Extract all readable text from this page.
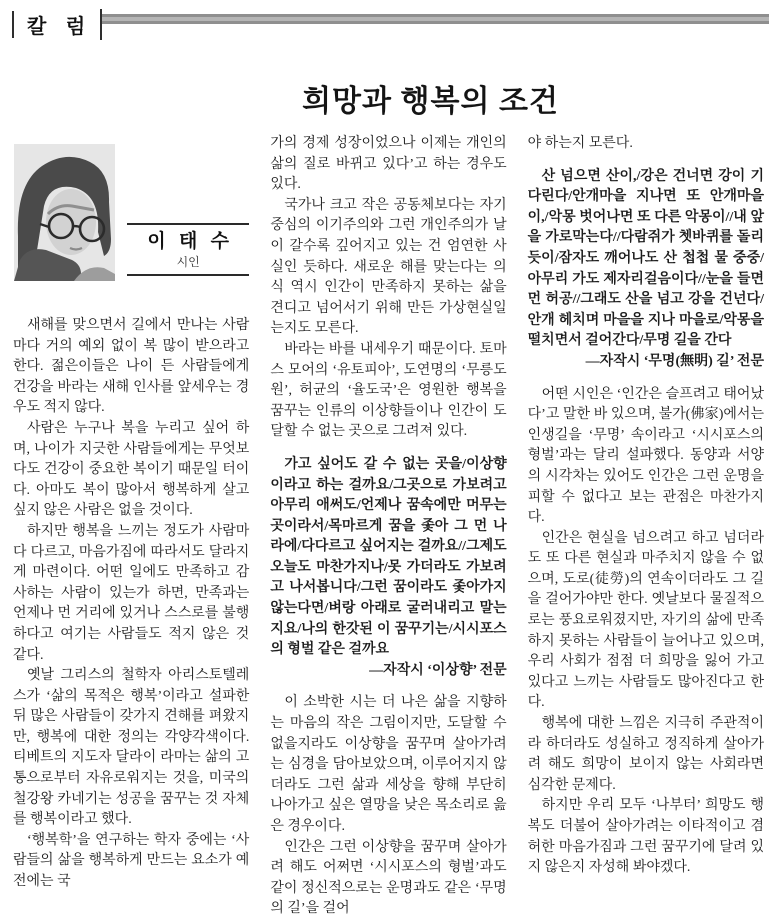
칼 럼
희망과 행복의 조건
이 태 수
시인

새해를 맞으면서 길에서 만나는 사람마다 거의 예외 없이 복 많이 받으라고 한다. 젊은이들은 나이 든 사람들에게 건강을 바라는 새해 인사를 앞세우는 경우도 적지 않다.

사람은 누구나 복을 누리고 싶어 하며, 나이가 지긋한 사람들에게는 무엇보다도 건강이 중요한 복이기 때문일 터이다. 아마도 복이 많아서 행복하게 살고 싶지 않은 사람은 없을 것이다.

하지만 행복을 느끼는 정도가 사람마다 다르고, 마음가짐에 따라서도 달라지게 마련이다. 어떤 일에도 만족하고 감사하는 사람이 있는가 하면, 만족과는 언제나 먼 거리에 있거나 스스로를 불행하다고 여기는 사람들도 적지 않은 것 같다.

옛날 그리스의 철학자 아리스토텔레스가 ‘삶의 목적은 행복’이라고 설파한 뒤 많은 사람들이 갖가지 견해를 펴왔지만, 행복에 대한 정의는 각양각색이다. 티베트의 지도자 달라이 라마는 삶의 고통으로부터 자유로워지는 것을, 미국의 철강왕 카네기는 성공을 꿈꾸는 것 자체를 행복이라고 했다.

‘행복학’을 연구하는 학자 중에는 ‘사람들의 삶을 행복하게 만드는 요소가 예전에는 국

가의 경제 성장이었으나 이제는 개인의 삶의 질로 바뀌고 있다’고 하는 경우도 있다.

국가나 크고 작은 공동체보다는 자기중심의 이기주의와 그런 개인주의가 날이 갈수록 깊어지고 있는 건 엄연한 사실인 듯하다. 새로운 해를 맞는다는 의식 역시 인간이 만족하지 못하는 삶을 견디고 넘어서기 위해 만든 가상현실일는지도 모른다.

바라는 바를 내세우기 때문이다. 토마스 모어의 ‘유토피아’, 도연명의 ‘무릉도원’, 허균의 ‘율도국’은 영원한 행복을 꿈꾸는 인류의 이상향들이나 인간이 도달할 수 없는 곳으로 그려져 있다.

가고 싶어도 갈 수 없는 곳을/이상향이라고 하는 걸까요/그곳으로 가보려고 아무리 애써도/언제나 꿈속에만 머무는 곳이라서/목마르게 꿈을 좇아 그 먼 나라에/다다르고 싶어지는 걸까요//그제도 오늘도 마찬가지나/못 가더라도 가보려고 나서봅니다/그런 꿈이라도 좇아가지 않는다면/벼랑 아래로 굴러내리고 말는지요/나의 한갓된 이 꿈꾸기는/시시포스의 형벌 같은 걸까요
—자작시 ‘이상향’ 전문

이 소박한 시는 더 나은 삶을 지향하는 마음의 작은 그림이지만, 도달할 수 없을지라도 이상향을 꿈꾸며 살아가려는 심경을 담아보았으며, 이루어지지 않더라도 그런 삶과 세상을 향해 부단히 나아가고 싶은 열망을 낮은 목소리로 읊은 경우이다.

인간은 그런 이상향을 꿈꾸며 살아가려 해도 어쩌면 ‘시시포스의 형벌’과도 같이 정신적으로는 운명과도 같은 ‘무명의 길’을 걸어

야 하는지 모른다.

산 넘으면 산이,/강은 건너면 강이 기다린다/안개마을 지나면 또 안개마을이,/악몽 벗어나면 또 다른 악몽이//내 앞을 가로막는다//다람쥐가 쳇바퀴를 돌리듯이/잠자도 깨어나도 산 첩첩 물 중중/아무리 가도 제자리걸음이다//눈을 들면 먼 허공//그래도 산을 넘고 강을 건넌다/안개 헤치며 마을을 지나 마을로/악몽을 떨치면서 걸어간다/무명 길을 간다
—자작시 ‘무명(無明) 길’ 전문

어떤 시인은 ‘인간은 슬프려고 태어났다’고 말한 바 있으며, 불가(佛家)에서는 인생길을 ‘무명’ 속이라고 ‘시시포스의 형벌’과는 달리 설파했다. 동양과 서양의 시각차는 있어도 인간은 그런 운명을 피할 수 없다고 보는 관점은 마찬가지다.

인간은 현실을 넘으려고 하고 넘더라도 또 다른 현실과 마주치지 않을 수 없으며, 도로(徒勞)의 연속이더라도 그 길을 걸어가야만 한다. 옛날보다 물질적으로는 풍요로워졌지만, 자기의 삶에 만족하지 못하는 사람들이 늘어나고 있으며, 우리 사회가 점점 더 희망을 잃어 가고 있다고 느끼는 사람들도 많아진다고 한다.

행복에 대한 느낌은 지극히 주관적이라 하더라도 성실하고 정직하게 살아가려 해도 희망이 보이지 않는 사회라면 심각한 문제다.

하지만 우리 모두 ‘나부터’ 희망도 행복도 더불어 살아가려는 이타적이고 겸허한 마음가짐과 그런 꿈꾸기에 달려 있지 않은지 자성해 봐야겠다.
